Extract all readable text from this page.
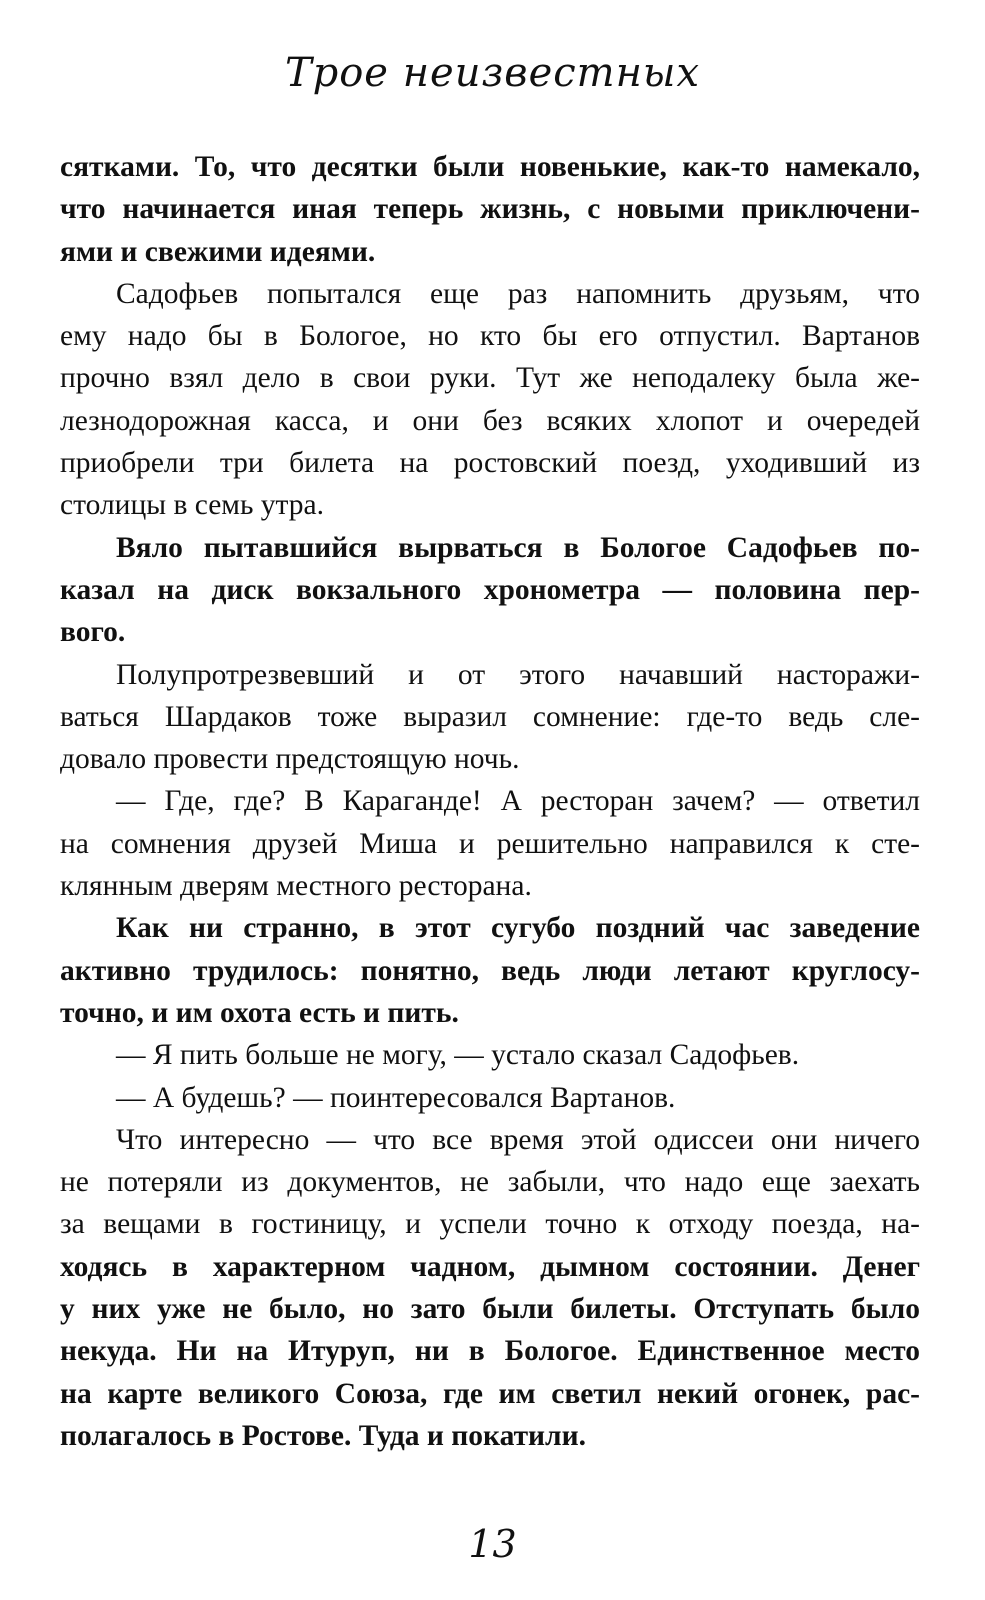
Трое неизвестных
сятками. То, что десятки были новенькие, как-то намекало,
что начинается иная теперь жизнь, с новыми приключени-
ями и свежими идеями.
Садофьев попытался еще раз напомнить друзьям, что
ему надо бы в Бологое, но кто бы его отпустил. Вартанов
прочно взял дело в свои руки. Тут же неподалеку была же-
лезнодорожная касса, и они без всяких хлопот и очередей
приобрели три билета на ростовский поезд, уходивший из
столицы в семь утра.
Вяло пытавшийся вырваться в Бологое Садофьев по-
казал на диск вокзального хронометра — половина пер-
вого.
Полупротрезвевший и от этого начавший насторажи-
ваться Шардаков тоже выразил сомнение: где-то ведь сле-
довало провести предстоящую ночь.
— Где, где? В Караганде! А ресторан зачем? — ответил
на сомнения друзей Миша и решительно направился к сте-
клянным дверям местного ресторана.
Как ни странно, в этот сугубо поздний час заведение
активно трудилось: понятно, ведь люди летают круглосу-
точно, и им охота есть и пить.
— Я пить больше не могу, — устало сказал Садофьев.
— А будешь? — поинтересовался Вартанов.
Что интересно — что все время этой одиссеи они ничего
не потеряли из документов, не забыли, что надо еще заехать
за вещами в гостиницу, и успели точно к отходу поезда, на-
ходясь в характерном чадном, дымном состоянии. Денег
у них уже не было, но зато были билеты. Отступать было
некуда. Ни на Итуруп, ни в Бологое. Единственное место
на карте великого Союза, где им светил некий огонек, рас-
полагалось в Ростове. Туда и покатили.
13
